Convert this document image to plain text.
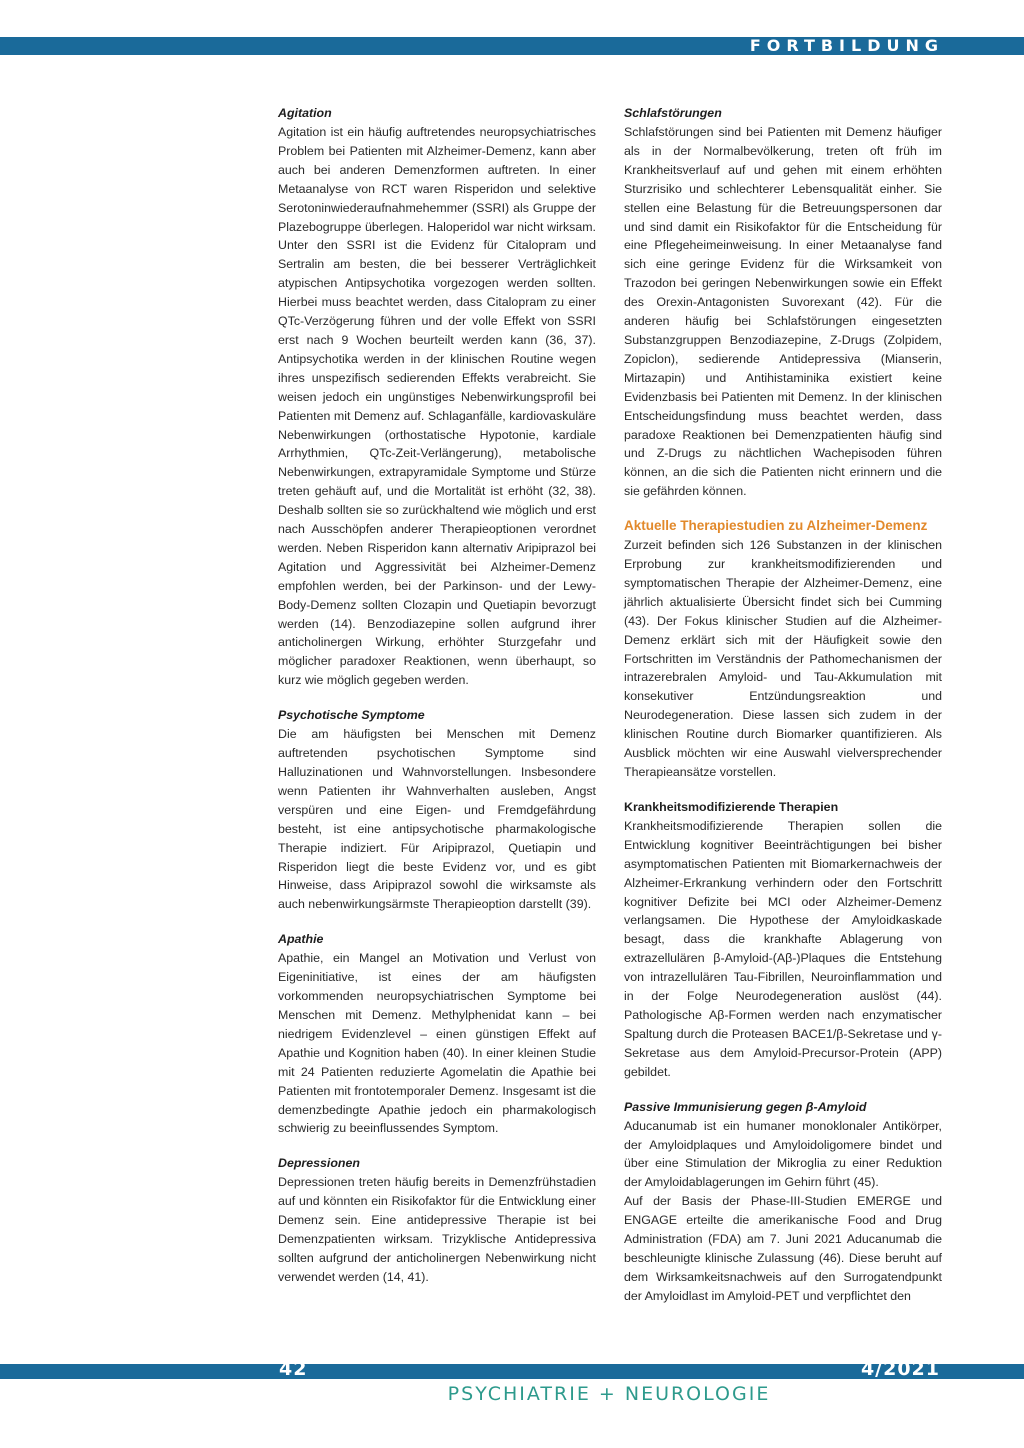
FORTBILDUNG
Agitation

Agitation ist ein häufig auftretendes neuropsychiatrisches Problem bei Patienten mit Alzheimer-Demenz, kann aber auch bei anderen Demenzformen auftreten. In einer Metaanalyse von RCT waren Risperidon und selektive Serotoninwiederaufnahmehemmer (SSRI) als Gruppe der Plazebogruppe überlegen. Haloperidol war nicht wirksam. Unter den SSRI ist die Evidenz für Citalopram und Sertralin am besten, die bei besserer Verträglichkeit atypischen Antipsychotika vorgezogen werden sollten. Hierbei muss beachtet werden, dass Citalopram zu einer QTc-Verzögerung führen und der volle Effekt von SSRI erst nach 9 Wochen beurteilt werden kann (36, 37). Antipsychotika werden in der klinischen Routine wegen ihres unspezifisch sedierenden Effekts verabreicht. Sie weisen jedoch ein ungünstiges Nebenwirkungsprofil bei Patienten mit Demenz auf. Schlaganfälle, kardiovaskuläre Nebenwirkungen (orthostatische Hypotonie, kardiale Arrhythmien, QTc-Zeit-Verlängerung), metabolische Nebenwirkungen, extrapyramidale Symptome und Stürze treten gehäuft auf, und die Mortalität ist erhöht (32, 38). Deshalb sollten sie so zurückhaltend wie möglich und erst nach Ausschöpfen anderer Therapieoptionen verordnet werden. Neben Risperidon kann alternativ Aripiprazol bei Agitation und Aggressivität bei Alzheimer-Demenz empfohlen werden, bei der Parkinson- und der Lewy-Body-Demenz sollten Clozapin und Quetiapin bevorzugt werden (14). Benzodiazepine sollen aufgrund ihrer anticholinergen Wirkung, erhöhter Sturzgefahr und möglicher paradoxer Reaktionen, wenn überhaupt, so kurz wie möglich gegeben werden.

Psychotische Symptome

Die am häufigsten bei Menschen mit Demenz auftretenden psychotischen Symptome sind Halluzinationen und Wahnvorstellungen. Insbesondere wenn Patienten ihr Wahnverhalten ausleben, Angst verspüren und eine Eigen- und Fremdgefährdung besteht, ist eine antipsychotische pharmakologische Therapie indiziert. Für Aripiprazol, Quetiapin und Risperidon liegt die beste Evidenz vor, und es gibt Hinweise, dass Aripiprazol sowohl die wirksamste als auch nebenwirkungsärmste Therapieoption darstellt (39).

Apathie

Apathie, ein Mangel an Motivation und Verlust von Eigeninitiative, ist eines der am häufigsten vorkommenden neuropsychiatrischen Symptome bei Menschen mit Demenz. Methylphenidat kann – bei niedrigem Evidenzlevel – einen günstigen Effekt auf Apathie und Kognition haben (40). In einer kleinen Studie mit 24 Patienten reduzierte Agomelatin die Apathie bei Patienten mit frontotemporaler Demenz. Insgesamt ist die demenzbedingte Apathie jedoch ein pharmakologisch schwierig zu beeinflussendes Symptom.

Depressionen

Depressionen treten häufig bereits in Demenzfrühstadien auf und könnten ein Risikofaktor für die Entwicklung einer Demenz sein. Eine antidepressive Therapie ist bei Demenzpatienten wirksam. Trizyklische Antidepressiva sollten aufgrund der anticholinergen Nebenwirkung nicht verwendet werden (14, 41).

Schlafstörungen

Schlafstörungen sind bei Patienten mit Demenz häufiger als in der Normalbevölkerung, treten oft früh im Krankheitsverlauf auf und gehen mit einem erhöhten Sturzrisiko und schlechterer Lebensqualität einher. Sie stellen eine Belastung für die Betreuungspersonen dar und sind damit ein Risikofaktor für die Entscheidung für eine Pflegeheimeinweisung. In einer Metaanalyse fand sich eine geringe Evidenz für die Wirksamkeit von Trazodon bei geringen Nebenwirkungen sowie ein Effekt des Orexin-Antagonisten Suvorexant (42). Für die anderen häufig bei Schlafstörungen eingesetzten Substanzgruppen Benzodiazepine, Z-Drugs (Zolpidem, Zopiclon), sedierende Antidepressiva (Mianserin, Mirtazapin) und Antihistaminika existiert keine Evidenzbasis bei Patienten mit Demenz. In der klinischen Entscheidungsfindung muss beachtet werden, dass paradoxe Reaktionen bei Demenzpatienten häufig sind und Z-Drugs zu nächtlichen Wachepisoden führen können, an die sich die Patienten nicht erinnern und die sie gefährden können.

Aktuelle Therapiestudien zu Alzheimer-Demenz

Zurzeit befinden sich 126 Substanzen in der klinischen Erprobung zur krankheitsmodifizierenden und symptomatischen Therapie der Alzheimer-Demenz, eine jährlich aktualisierte Übersicht findet sich bei Cumming (43). Der Fokus klinischer Studien auf die Alzheimer-Demenz erklärt sich mit der Häufigkeit sowie den Fortschritten im Verständnis der Pathomechanismen der intrazerebralen Amyloid- und Tau-Akkumulation mit konsekutiver Entzündungsreaktion und Neurodegeneration. Diese lassen sich zudem in der klinischen Routine durch Biomarker quantifizieren. Als Ausblick möchten wir eine Auswahl vielversprechender Therapieansätze vorstellen.

Krankheitsmodifizierende Therapien

Krankheitsmodifizierende Therapien sollen die Entwicklung kognitiver Beeinträchtigungen bei bisher asymptomatischen Patienten mit Biomarkernachweis der Alzheimer-Erkrankung verhindern oder den Fortschritt kognitiver Defizite bei MCI oder Alzheimer-Demenz verlangsamen. Die Hypothese der Amyloidkaskade besagt, dass die krankhafte Ablagerung von extrazellulären β-Amyloid-(Aβ-)Plaques die Entstehung von intrazellulären Tau-Fibrillen, Neuroinflammation und in der Folge Neurodegeneration auslöst (44). Pathologische Aβ-Formen werden nach enzymatischer Spaltung durch die Proteasen BACE1/β-Sekretase und γ-Sekretase aus dem Amyloid-Precursor-Protein (APP) gebildet.

Passive Immunisierung gegen β-Amyloid

Aducanumab ist ein humaner monoklonaler Antikörper, der Amyloidplaques und Amyloidoligomere bindet und über eine Stimulation der Mikroglia zu einer Reduktion der Amyloidablagerungen im Gehirn führt (45).

Auf der Basis der Phase-III-Studien EMERGE und ENGAGE erteilte die amerikanische Food and Drug Administration (FDA) am 7. Juni 2021 Aducanumab die beschleunigte klinische Zulassung (46). Diese beruht auf dem Wirksamkeitsnachweis auf den Surrogatendpunkt der Amyloidlast im Amyloid-PET und verpflichtet den

42	4/2021
PSYCHIATRIE + NEUROLOGIE
